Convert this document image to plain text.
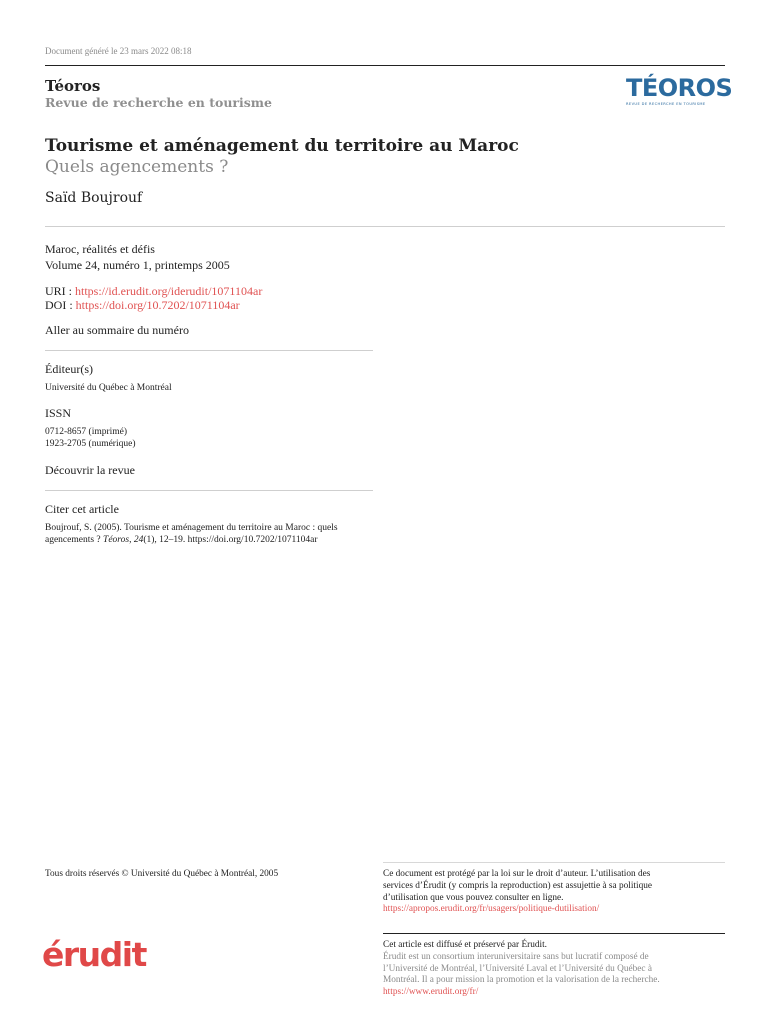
Document généré le 23 mars 2022 08:18
Téoros
Revue de recherche en tourisme
TÉOROS
REVUE DE RECHERCHE EN TOURISME
Tourisme et aménagement du territoire au Maroc
Quels agencements ?
Saïd Boujrouf
Maroc, réalités et défis
Volume 24, numéro 1, printemps 2005
URI : https://id.erudit.org/iderudit/1071104ar
DOI : https://doi.org/10.7202/1071104ar
Aller au sommaire du numéro
Éditeur(s)
Université du Québec à Montréal
ISSN
0712-8657 (imprimé)
1923-2705 (numérique)
Découvrir la revue
Citer cet article
Boujrouf, S. (2005). Tourisme et aménagement du territoire au Maroc : quels
agencements ? Téoros, 24(1), 12–19. https://doi.org/10.7202/1071104ar
Tous droits réservés © Université du Québec à Montréal, 2005	Ce document est protégé par la loi sur le droit d’auteur. L’utilisation des
services d’Érudit (y compris la reproduction) est assujettie à sa politique
d’utilisation que vous pouvez consulter en ligne.
https://apropos.erudit.org/fr/usagers/politique-dutilisation/
érudit	Cet article est diffusé et préservé par Érudit.
Érudit est un consortium interuniversitaire sans but lucratif composé de
l’Université de Montréal, l’Université Laval et l’Université du Québec à
Montréal. Il a pour mission la promotion et la valorisation de la recherche.
https://www.erudit.org/fr/
